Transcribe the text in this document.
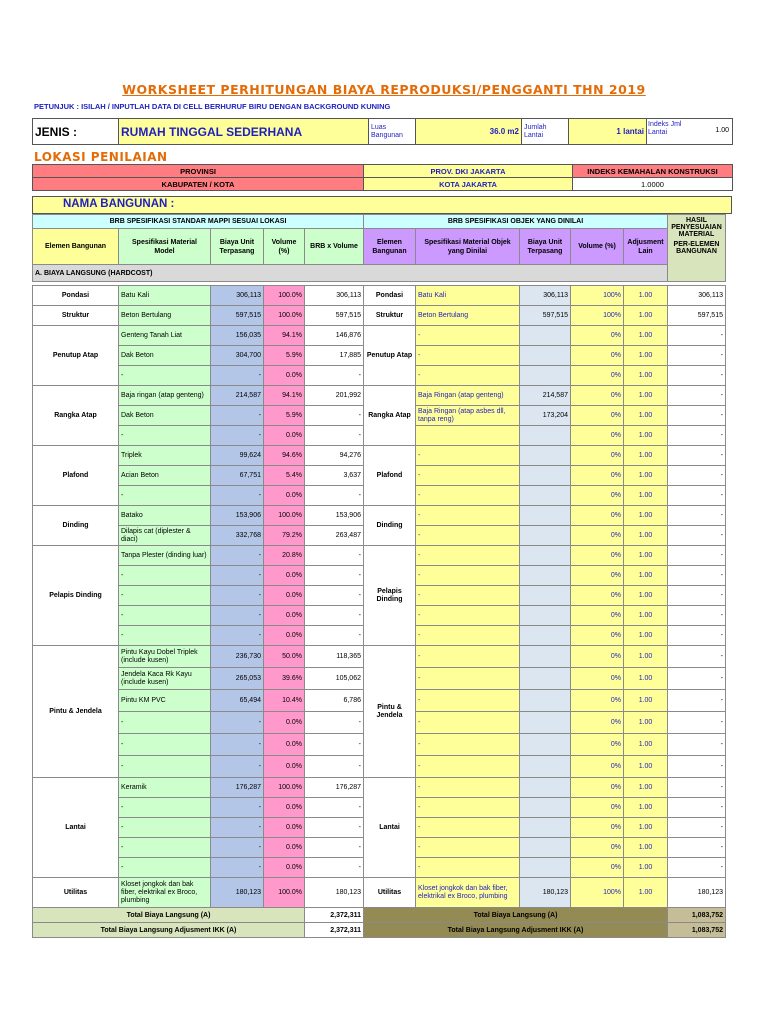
WORKSHEET PERHITUNGAN BIAYA REPRODUKSI/PENGGANTI THN 2019
PETUNJUK : ISILAH / INPUTLAH DATA DI CELL BERHURUF BIRU DENGAN BACKGROUND KUNING
JENIS :	RUMAH TINGGAL SEDERHANA	Luas Bangunan	36.0 m2	Jumlah Lantai	1 lantai	
Indeks Jml Lantai	1.00
LOKASI PENILAIAN
PROVINSI	PROV. DKI JAKARTA	INDEKS KEMAHALAN KONSTRUKSI
KABUPATEN / KOTA	KOTA JAKARTA	1.0000
NAMA BANGUNAN :
BRB SPESIFIKASI STANDAR MAPPI SESUAI LOKASI					BRB SPESIFIKASI OBJEK YANG DINILAI					HASIL PENYESUAIAN MATERIAL
PER-ELEMEN BANGUNAN

Elemen Bangunan	Spesifikasi Material Model	Biaya Unit Terpasang	Volume (%)	BRB x Volume	Elemen Bangunan	Spesifikasi Material Objek yang Dinilai	Biaya Unit Terpasang	Volume (%)	Adjusment Lain	
A. BIAYA LANGSUNG (HARDCOST)										

Pondasi	Batu Kali	306,113	100.0%	306,113	Pondasi	Batu Kali	306,113	100%	1.00	306,113
Struktur	Beton Bertulang	597,515	100.0%	597,515	Struktur	Beton Bertulang	597,515	100%	1.00	597,515
Penutup Atap	Genteng Tanah Liat	156,035	94.1%	146,876	Penutup Atap	-		0%	1.00	-
	Dak Beton	304,700	5.9%	17,885		-		0%	1.00	-
	-	-	0.0%	-		-		0%	1.00	-
Rangka Atap	Baja ringan (atap genteng)	214,587	94.1%	201,992	Rangka Atap	Baja Ringan (atap genteng)	214,587	0%	1.00	-
	Dak Beton	-	5.9%	-		Baja Ringan (atap asbes dll, tanpa reng)	173,204	0%	1.00	-
	-	-	0.0%	-				0%	1.00	-
Plafond	Triplek	99,624	94.6%	94,276	Plafond	-		0%	1.00	-
	Acian Beton	67,751	5.4%	3,637		-		0%	1.00	-
	-	-	0.0%	-		-		0%	1.00	-
Dinding	Batako	153,906	100.0%	153,906	Dinding	-		0%	1.00	-
	Dilapis cat (diplester & diaci)	332,768	79.2%	263,487		-		0%	1.00	-
Pelapis Dinding	Tanpa Plester (dinding luar)	-	20.8%	-	Pelapis Dinding	-		0%	1.00	-
	-	-	0.0%	-		-		0%	1.00	-
	-	-	0.0%	-		-		0%	1.00	-
	-	-	0.0%	-		-		0%	1.00	-
	-	-	0.0%	-		-		0%	1.00	-
Pintu & Jendela	Pintu Kayu Dobel Triplek (include kusen)	236,730	50.0%	118,365	Pintu & Jendela	-		0%	1.00	-
	Jendela Kaca Rk Kayu (include kusen)	265,053	39.6%	105,062		-		0%	1.00	-
	Pintu KM PVC	65,494	10.4%	6,786		-		0%	1.00	-
	-	-	0.0%	-		-		0%	1.00	-
	-	-	0.0%	-		-		0%	1.00	-
	-	-	0.0%	-		-		0%	1.00	-
Lantai	Keramik	176,287	100.0%	176,287	Lantai	-		0%	1.00	-
	-	-	0.0%	-		-		0%	1.00	-
	-	-	0.0%	-		-		0%	1.00	-
	-	-	0.0%	-		-		0%	1.00	-
	-	-	0.0%	-		-		0%	1.00	-
Utilitas	Kloset jongkok dan bak fiber, elektrikal ex Broco, plumbing	180,123	100.0%	180,123	Utilitas	Kloset jongkok dan bak fiber, elektrikal ex Broco, plumbing	180,123	100%	1.00	180,123
Total Biaya Langsung (A)				2,372,311	Total Biaya Langsung (A)					1,083,752
Total Biaya Langsung Adjusment IKK (A)				2,372,311	Total Biaya Langsung Adjusment IKK (A)					1,083,752
